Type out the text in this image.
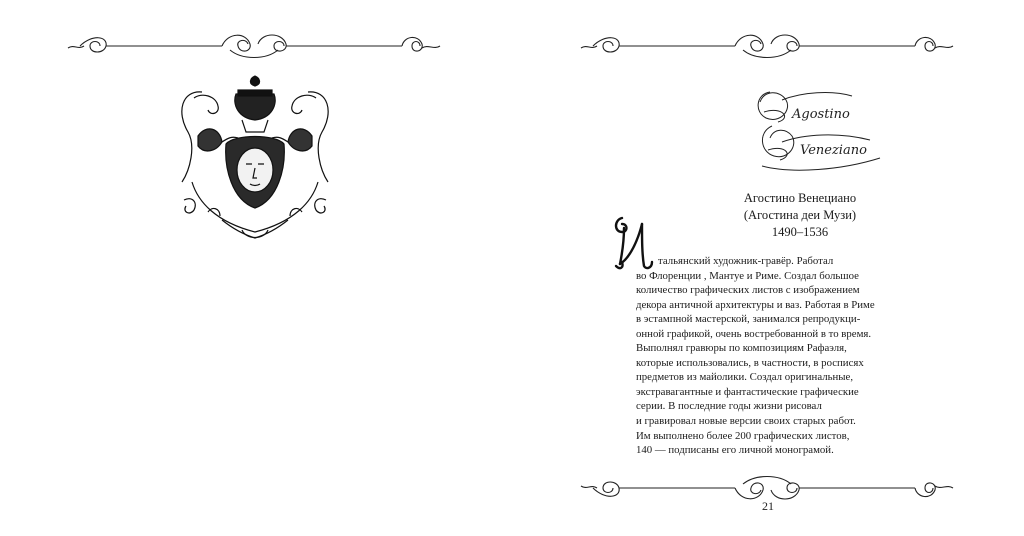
Agostino
Veneziano
Агостино Венециано
(Агостина деи Музи)
1490–1536
тальянский художник-гравёр. Работал
во Флоренции , Мантуе и Риме. Создал большое
количество графических листов с изображением
декора античной архитектуры и ваз. Работая в Риме
в эстампной мастерской, занимался репродукци-
онной графикой, очень востребованной в то время.
Выполнял гравюры по композициям Рафаэля,
которые использовались, в частности, в росписях
предметов из майолики. Создал оригинальные,
экстравагантные и фантастические графические
серии. В последние годы жизни рисовал
и гравировал новые версии своих старых работ.
Им выполнено более 200 графических листов,
140 — подписаны его личной монограмой.
21
